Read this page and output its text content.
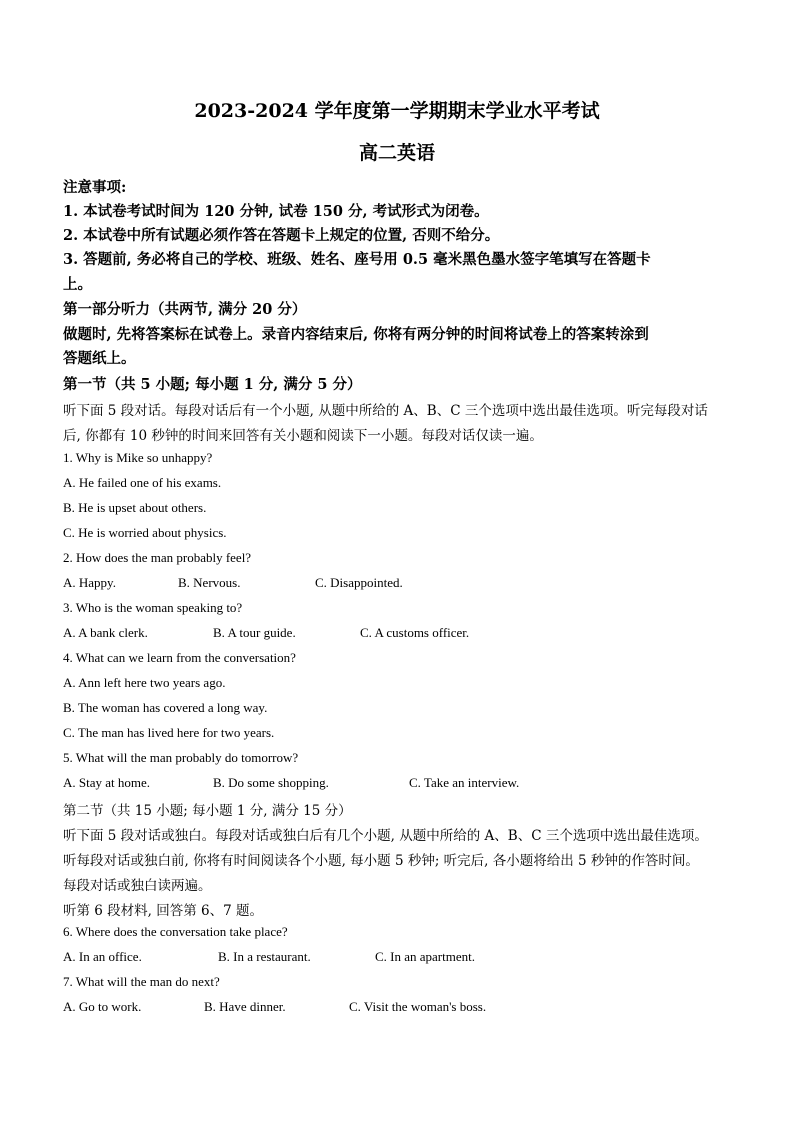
2023-2024 学年度第一学期期末学业水平考试
高二英语
注意事项:
1. 本试卷考试时间为 120 分钟, 试卷 150 分, 考试形式为闭卷。
2. 本试卷中所有试题必须作答在答题卡上规定的位置, 否则不给分。
3. 答题前, 务必将自己的学校、班级、姓名、座号用 0.5 毫米黑色墨水签字笔填写在答题卡
上。
第一部分听力（共两节, 满分 20 分）
做题时, 先将答案标在试卷上。录音内容结束后, 你将有两分钟的时间将试卷上的答案转涂到
答题纸上。
第一节（共 5 小题; 每小题 1 分, 满分 5 分）
听下面 5 段对话。每段对话后有一个小题, 从题中所给的 A、B、C 三个选项中选出最佳选项。听完每段对话
后, 你都有 10 秒钟的时间来回答有关小题和阅读下一小题。每段对话仅读一遍。
1. Why is Mike so unhappy?
A. He failed one of his exams.
B. He is upset about others.
C. He is worried about physics.
2. How does the man probably feel?
A. Happy.	B. Nervous.	C. Disappointed.
3. Who is the woman speaking to?
A. A bank clerk.	B. A tour guide.	C. A customs officer.
4. What can we learn from the conversation?
A. Ann left here two years ago.
B. The woman has covered a long way.
C. The man has lived here for two years.
5. What will the man probably do tomorrow?
A. Stay at home.	B. Do some shopping.	C. Take an interview.
第二节（共 15 小题; 每小题 1 分, 满分 15 分）
听下面 5 段对话或独白。每段对话或独白后有几个小题, 从题中所给的 A、B、C 三个选项中选出最佳选项。
听每段对话或独白前, 你将有时间阅读各个小题, 每小题 5 秒钟; 听完后, 各小题将给出 5 秒钟的作答时间。
每段对话或独白读两遍。
听第 6 段材料, 回答第 6、7 题。
6. Where does the conversation take place?
A. In an office.	B. In a restaurant.	C. In an apartment.
7. What will the man do next?
A. Go to work.	B. Have dinner.	C. Visit the woman's boss.
